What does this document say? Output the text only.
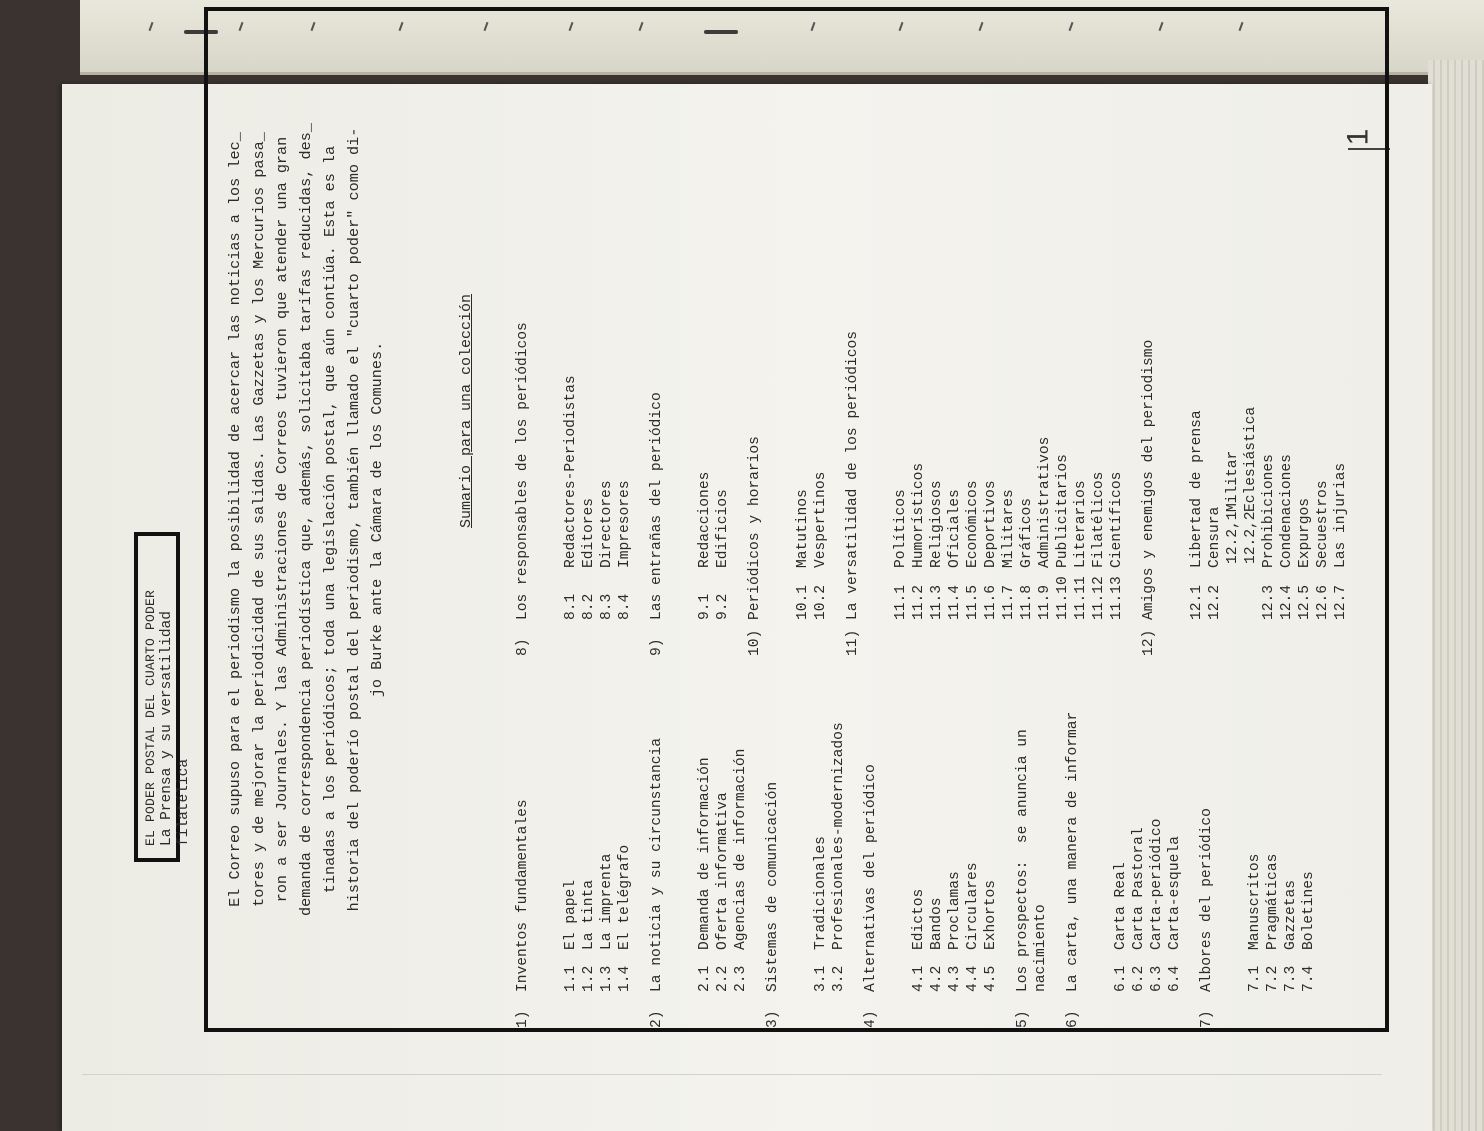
1
EL PODER POSTAL DEL CUARTO PODER La Prensa y su versatilidad filatélica El Correo supuso para el periodismo la posibilidad de acercar las noticias a los lec_ tores y de mejorar la periodicidad de sus salidas. Las Gazzetas y los Mercurios pasa_ ron a ser Journales. Y las Administraciones de Correos tuvieron que atender una gran demanda de correspondencia periodística que, además, solicitaba tarifas reducidas, des_ tinadas a los periódicos; toda una legislación postal, que aún contiúa. Esta es la historia del poderío postal del periodismo, también llamado el "cuarto poder" como di- jo Burke ante la Cámara de los Comunes.	Sumario para una colección
1)
Inventos fundamentales 1.1
El papel
1.2
La tinta
1.3
La imprenta
1.4
El telégrafo
2)
La noticia y su circunstancia 2.1
Demanda de información
2.2
Oferta informativa
2.3
Agencias de información
3)
Sistemas de comunicación 3.1
Tradicionales
3.2
Profesionales-modernizados
4)
Alternativas del periódico 4.1
Edictos
4.2
Bandos
4.3
Proclamas
4.4
Circulares
4.5
Exhortos
5)
Los prospectos:  se anuncia un nacimiento
6)
La carta, una manera de informar 6.1
Carta Real
6.2
Carta Pastoral
6.3
Carta-periódico
6.4
Carta-esquela
7)
Albores del periódico 7.1
Manuscritos
7.2
Pragmáticas
7.3
Gazzetas
7.4
Boletines
8)
Los responsables de los periódicos 8.1
Redactores-Periodistas
8.2
Editores
8.3
Directores
8.4
Impresores
9)
Las entrañas del periódico 9.1
Redacciones
9.2
Edificios
10)
Periódicos y horarios 10.1
Matutinos
10.2
Vespertinos
11)
La versatilidad de los periódicos 11.1
Políticos
11.2
Humorísticos
11.3
Religiosos
11.4
Oficiales
11.5
Económicos
11.6
Deportivos
11.7
Militares
11.8
Gráficos
11.9
Administrativos
11.10
Publicitarios
11.11
Literarios
11.12
Filatélicos
11.13
Científicos
12)
Amigos y enemigos del periodismo 12.1
Libertad de prensa
12.2
Censura 12.2,1
Militar
12.2,2
Eclesiástica
12.3
Prohibiciones
12.4
Condenaciones
12.5
Expurgos
12.6
Secuestros
12.7
Las injurias
